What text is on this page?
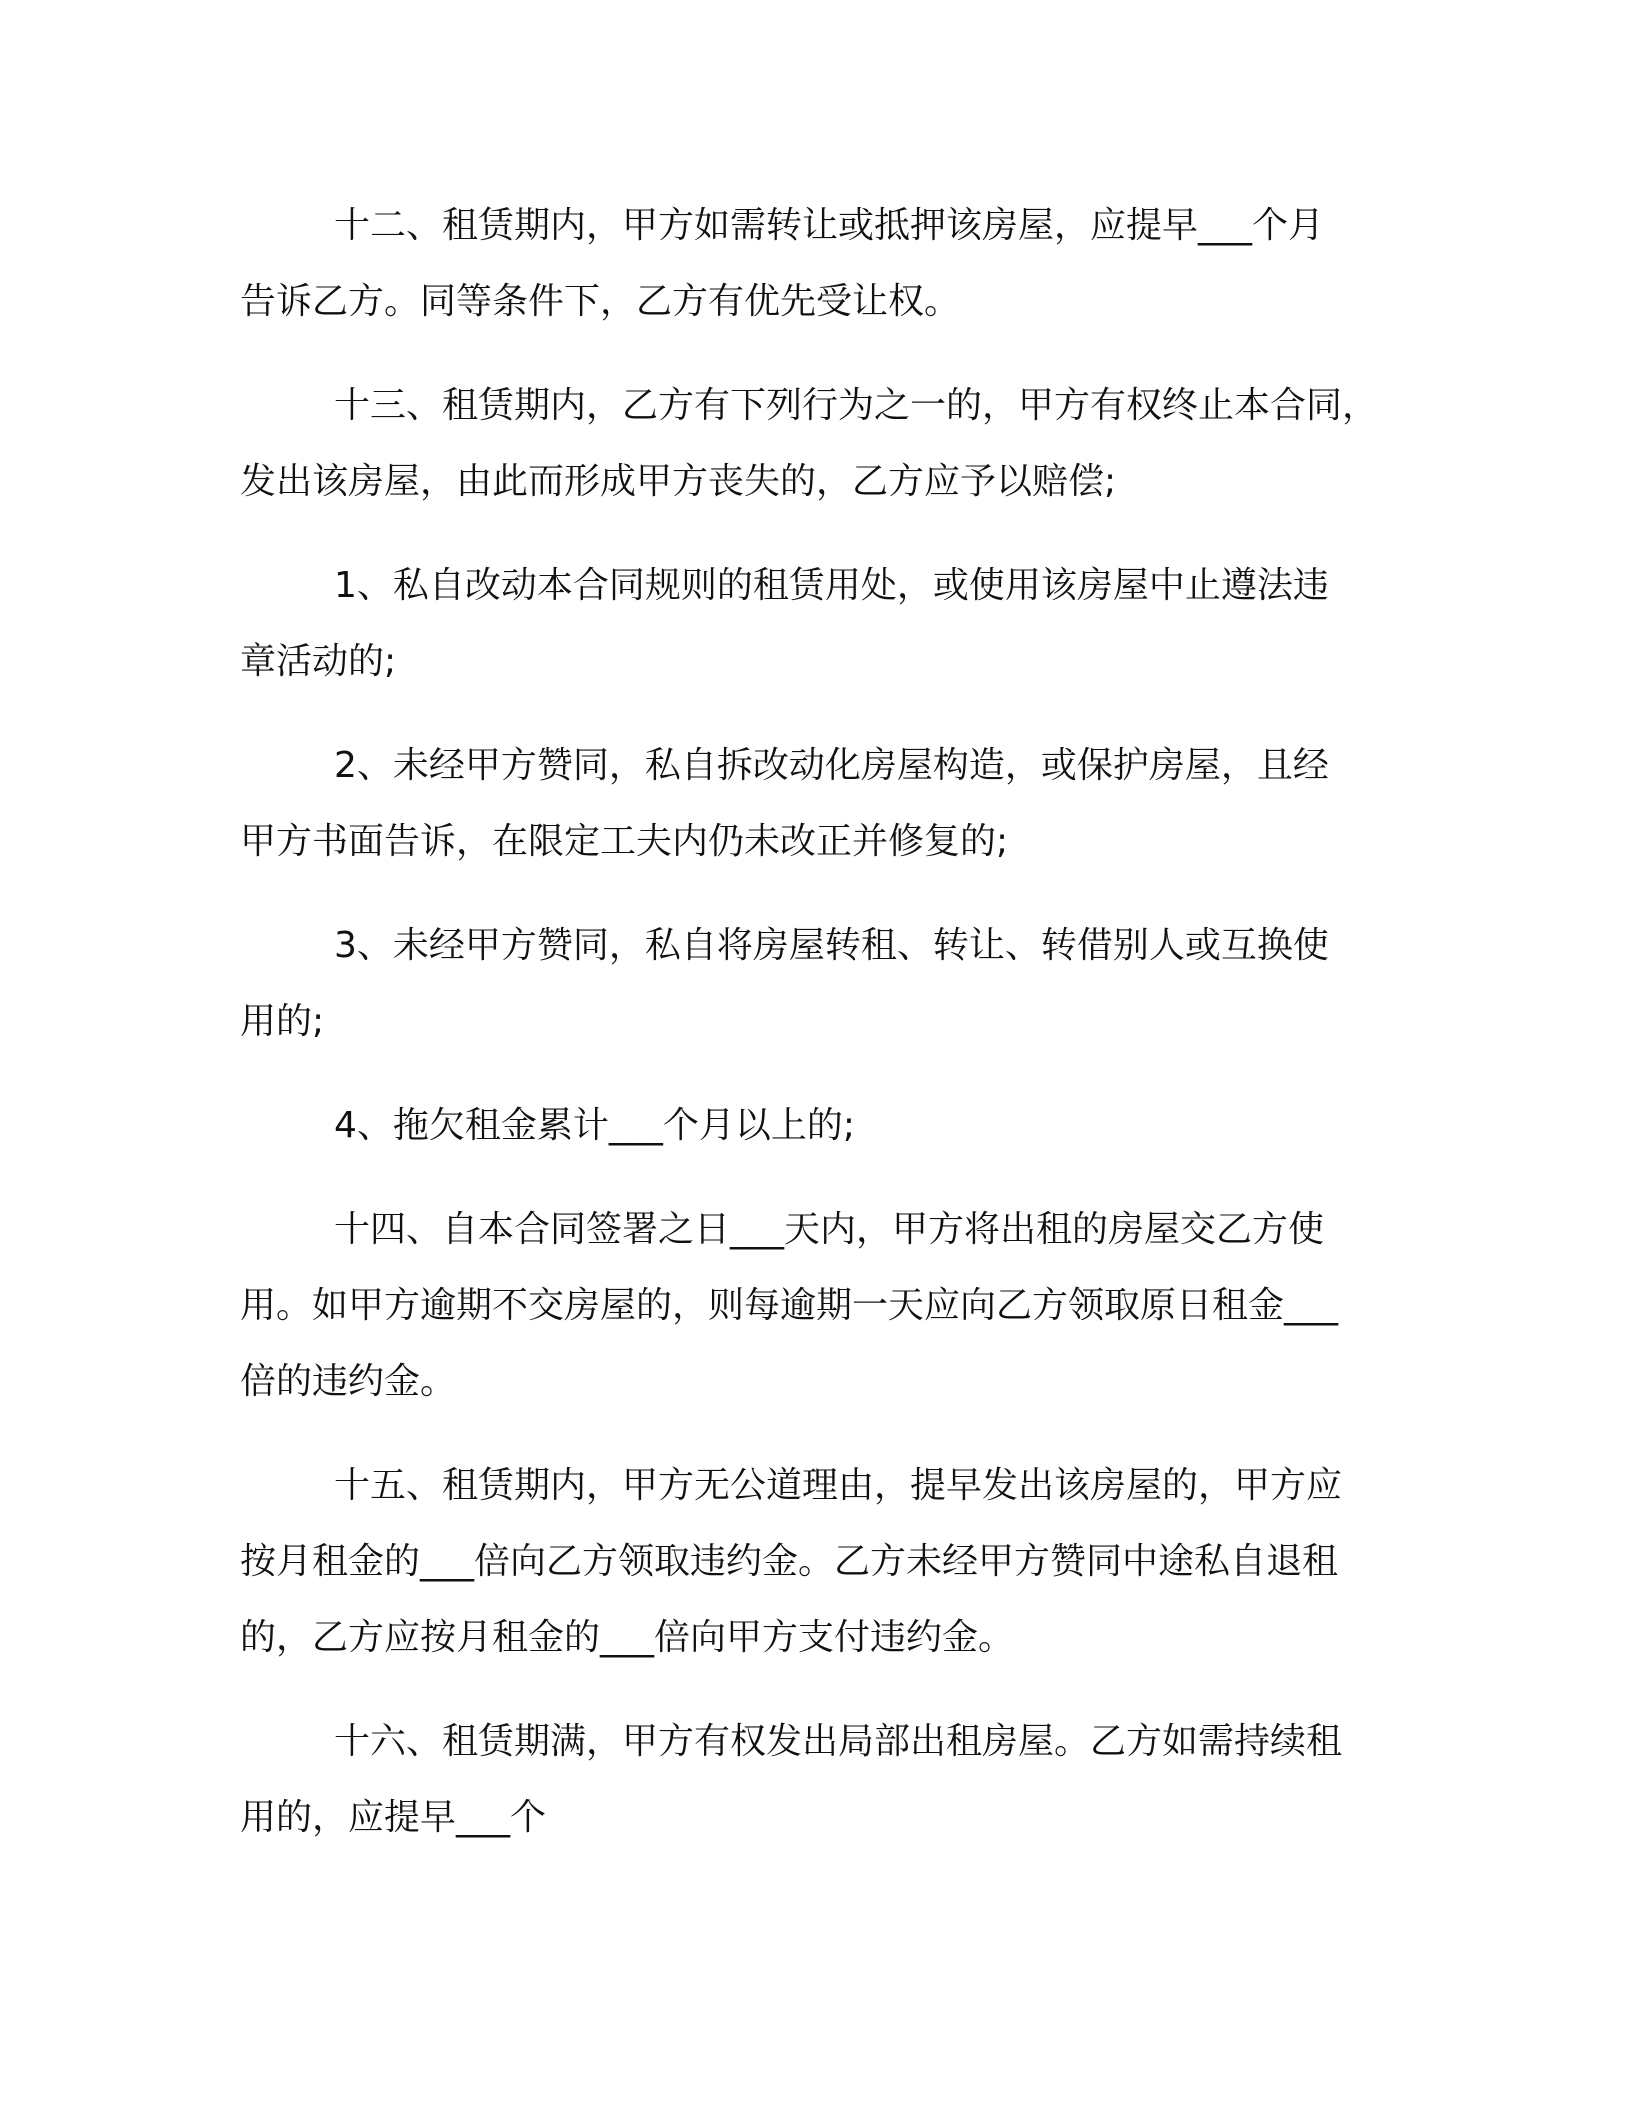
十二、租赁期内，甲方如需转让或抵押该房屋，应提早___个月
告诉乙方。同等条件下，乙方有优先受让权。
十三、租赁期内，乙方有下列行为之一的，甲方有权终止本合同，
发出该房屋，由此而形成甲方丧失的，乙方应予以赔偿;
1、私自改动本合同规则的租赁用处，或使用该房屋中止遵法违
章活动的;
2、未经甲方赞同，私自拆改动化房屋构造，或保护房屋，且经
甲方书面告诉，在限定工夫内仍未改正并修复的;
3、未经甲方赞同，私自将房屋转租、转让、转借别人或互换使
用的;
4、拖欠租金累计___个月以上的;
十四、自本合同签署之日___天内，甲方将出租的房屋交乙方使
用。如甲方逾期不交房屋的，则每逾期一天应向乙方领取原日租金___
倍的违约金。
十五、租赁期内，甲方无公道理由，提早发出该房屋的，甲方应
按月租金的___倍向乙方领取违约金。乙方未经甲方赞同中途私自退租
的，乙方应按月租金的___倍向甲方支付违约金。
十六、租赁期满，甲方有权发出局部出租房屋。乙方如需持续租
用的，应提早___个
